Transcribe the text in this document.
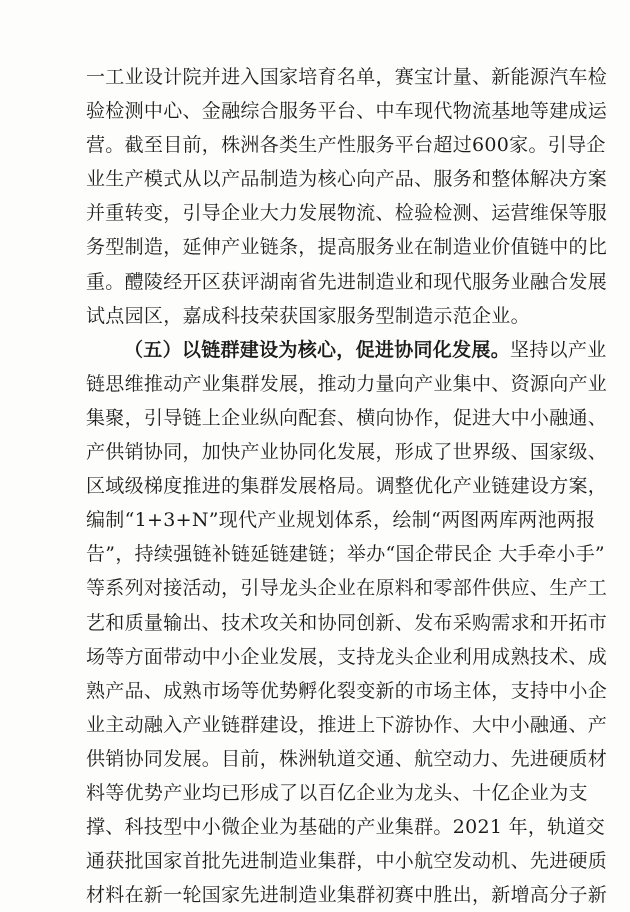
一工业设计院并进入国家培育名单，赛宝计量、新能源汽车检
验检测中心、金融综合服务平台、中车现代物流基地等建成运
营。截至目前，株洲各类生产性服务平台超过600家。引导企
业生产模式从以产品制造为核心向产品、服务和整体解决方案
并重转变，引导企业大力发展物流、检验检测、运营维保等服
务型制造，延伸产业链条，提高服务业在制造业价值链中的比
重。醴陵经开区获评湖南省先进制造业和现代服务业融合发展
试点园区，嘉成科技荣获国家服务型制造示范企业。
（五）以链群建设为核心，促进协同化发展。坚持以产业
链思维推动产业集群发展，推动力量向产业集中、资源向产业
集聚，引导链上企业纵向配套、横向协作，促进大中小融通、
产供销协同，加快产业协同化发展，形成了世界级、国家级、
区域级梯度推进的集群发展格局。调整优化产业链建设方案，
编制“1+3+N”现代产业规划体系，绘制“两图两库两池两报
告”，持续强链补链延链建链；举办“国企带民企 大手牵小手”
等系列对接活动，引导龙头企业在原料和零部件供应、生产工
艺和质量输出、技术攻关和协同创新、发布采购需求和开拓市
场等方面带动中小企业发展，支持龙头企业利用成熟技术、成
熟产品、成熟市场等优势孵化裂变新的市场主体，支持中小企
业主动融入产业链群建设，推进上下游协作、大中小融通、产
供销协同发展。目前，株洲轨道交通、航空动力、先进硬质材
料等优势产业均已形成了以百亿企业为龙头、十亿企业为支
撑、科技型中小微企业为基础的产业集群。2021 年，轨道交
通获批国家首批先进制造业集群，中小航空发动机、先进硬质
材料在新一轮国家先进制造业集群初赛中胜出，新增高分子新
